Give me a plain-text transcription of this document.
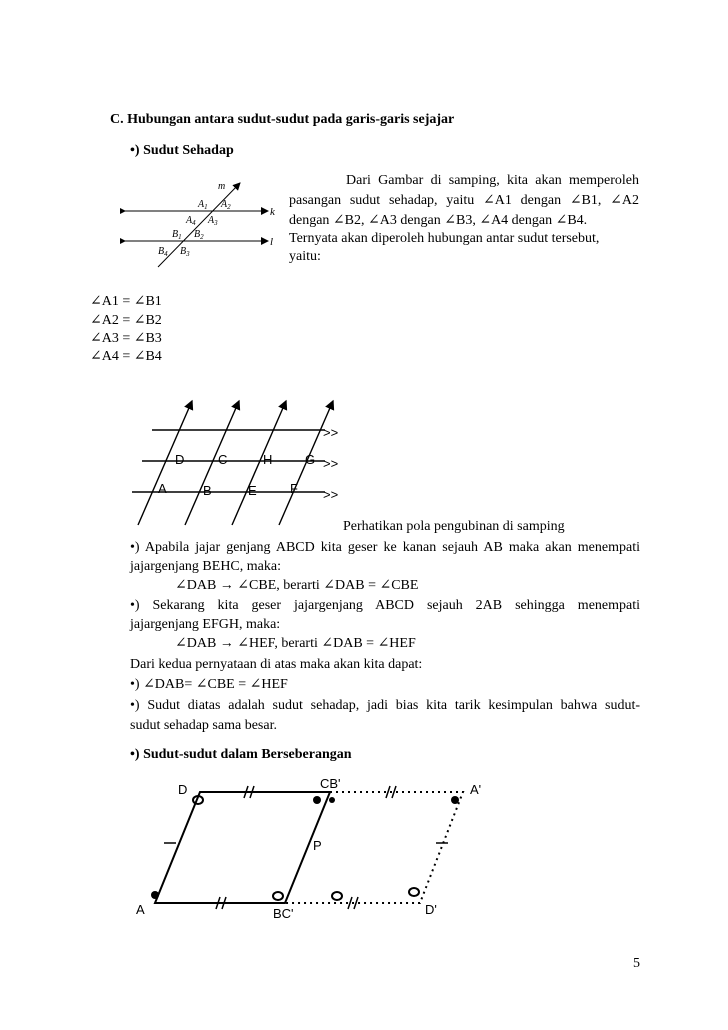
C. Hubungan antara sudut-sudut pada garis-garis sejajar
•) Sudut Sehadap
m
k
l
$A_1$ $A_2$
$A_4$ $A_3$
$B_1$ $B_2$
$B_4$ $B_3$
Dari Gambar di samping, kita akan memperoleh
pasangan sudut sehadap, yaitu ∠A1 dengan ∠B1, ∠A2
dengan ∠B2, ∠A3 dengan ∠B3, ∠A4 dengan ∠B4.
Ternyata akan diperoleh hubungan antar sudut tersebut,
yaitu:
∠A1 = ∠B1
∠A2 = ∠B2
∠A3 = ∠B3
∠A4 = ∠B4
>>
>>
>>
D	C	H	G
A	B	E	F
Perhatikan pola pengubinan di samping
•) Apabila jajar genjang ABCD kita geser ke kanan sejauh AB maka akan menempati
jajargenjang BEHC, maka:
∠DAB → ∠CBE, berarti ∠DAB = ∠CBE
•) Sekarang kita geser jajargenjang ABCD sejauh 2AB sehingga menempati
jajargenjang EFGH, maka:
∠DAB → ∠HEF, berarti ∠DAB = ∠HEF
Dari kedua pernyataan di atas maka akan kita dapat:
•) ∠DAB= ∠CBE = ∠HEF
•) Sudut diatas adalah sudut sehadap, jadi bias kita tarik kesimpulan bahwa sudut-
sudut sehadap sama besar.
•) Sudut-sudut dalam Berseberangan
D	CB'	A'
P
A	BC'	D'
5
